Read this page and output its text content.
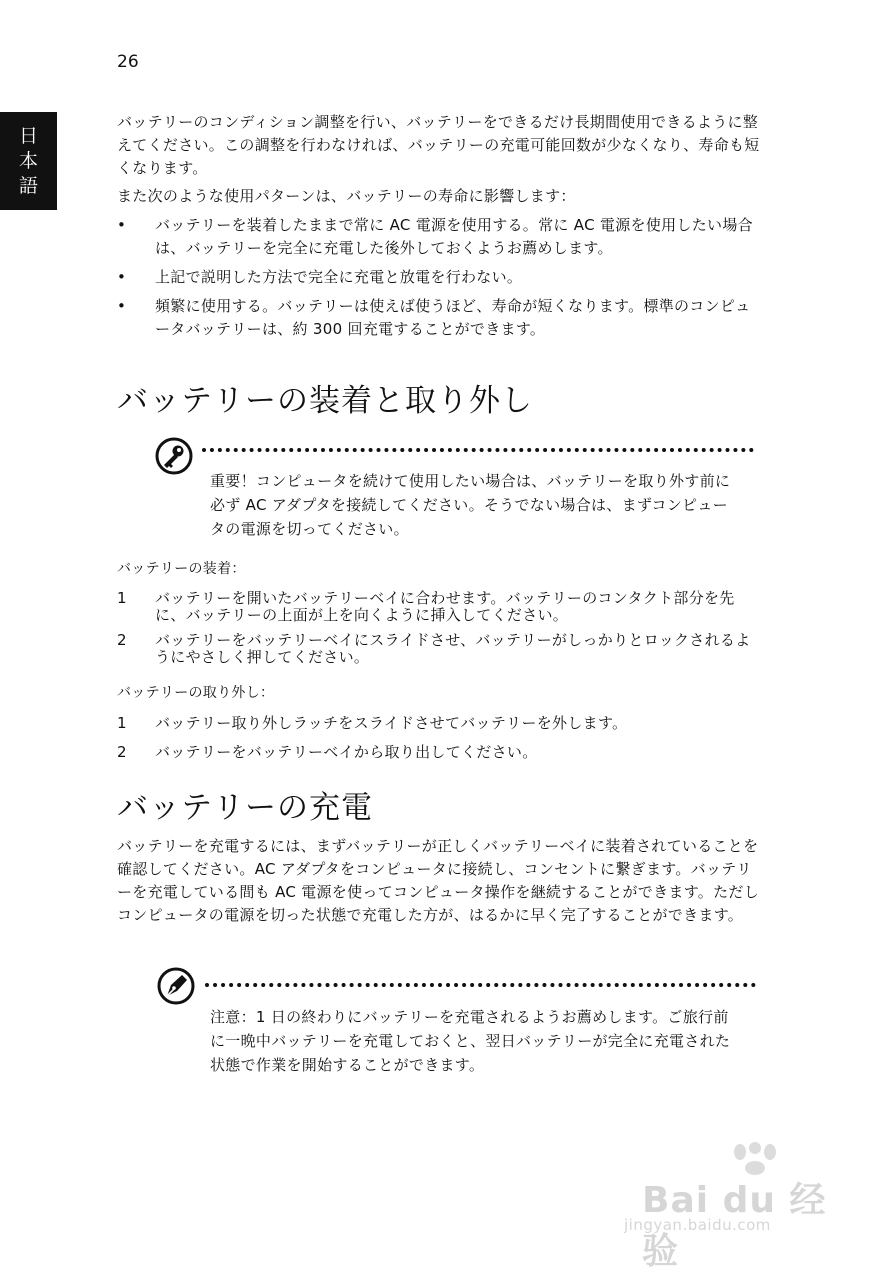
26
日
本
語

バッテリーのコンディション調整を行い、バッテリーをできるだけ長期間使用できるように整えてください。この調整を行わなければ、バッテリーの充電可能回数が少なくなり、寿命も短くなります。

また次のような使用パターンは、バッテリーの寿命に影響します：

• バッテリーを装着したままで常に AC 電源を使用する。常に AC 電源を使用したい場合は、バッテリーを完全に充電した後外しておくようお薦めします。
• 上記で説明した方法で完全に充電と放電を行わない。
• 頻繁に使用する。バッテリーは使えば使うほど、寿命が短くなります。標準のコンピュータバッテリーは、約 300 回充電することができます。
バッテリーの装着と取り外し

重要！コンピュータを続けて使用したい場合は、バッテリーを取り外す前に必ず AC アダプタを接続してください。そうでない場合は、まずコンピュータの電源を切ってください。

バッテリーの装着：

1 バッテリーを開いたバッテリーベイに合わせます。バッテリーのコンタクト部分を先に、バッテリーの上面が上を向くように挿入してください。
2 バッテリーをバッテリーベイにスライドさせ、バッテリーがしっかりとロックされるようにやさしく押してください。

バッテリーの取り外し：

1 バッテリー取り外しラッチをスライドさせてバッテリーを外します。
2 バッテリーをバッテリーベイから取り出してください。
バッテリーの充電

バッテリーを充電するには、まずバッテリーが正しくバッテリーベイに装着されていることを確認してください。AC アダプタをコンピュータに接続し、コンセントに繋ぎます。バッテリーを充電している間も AC 電源を使ってコンピュータ操作を継続することができます。ただしコンピュータの電源を切った状態で充電した方が、はるかに早く完了することができます。

注意：1 日の終わりにバッテリーを充電されるようお薦めします。ご旅行前に一晩中バッテリーを充電しておくと、翌日バッテリーが完全に充電された状態で作業を開始することができます。

Bai du 经验
jingyan.baidu.com
